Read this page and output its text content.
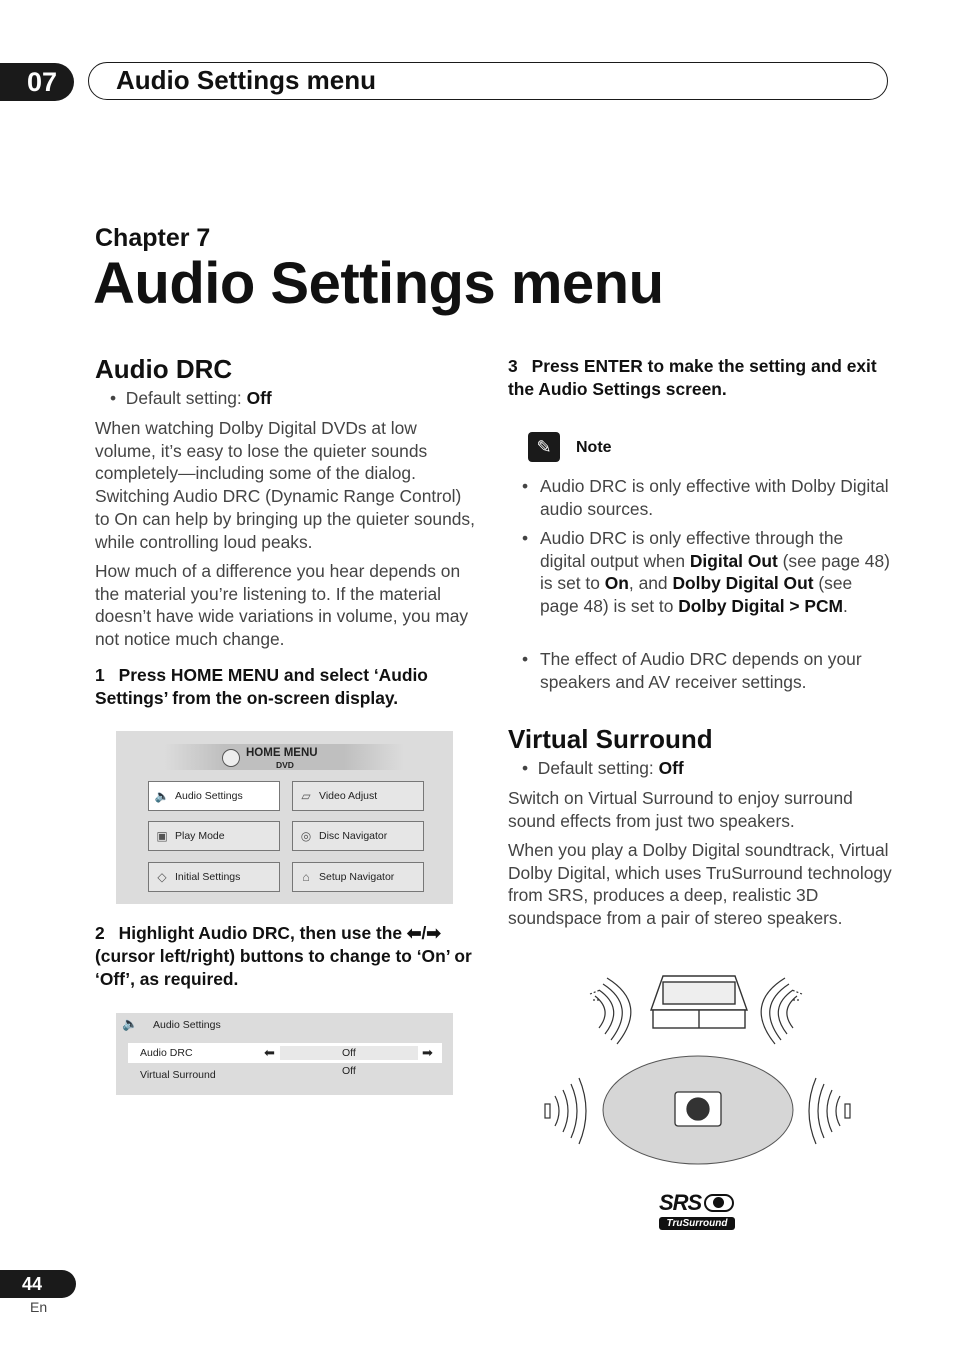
07	Audio Settings menu
Chapter 7
Audio Settings menu
Audio DRC
•  Default setting: Off
When watching Dolby Digital DVDs at low volume, it’s easy to lose the quieter sounds completely—including some of the dialog. Switching Audio DRC (Dynamic Range Control) to On can help by bringing up the quieter sounds, while controlling loud peaks.
How much of a difference you hear depends on the material you’re listening to. If the material doesn’t have wide variations in volume, you may not notice much change.
1 Press HOME MENU and select ‘Audio Settings’ from the on-screen display.
HOME MENU
DVD
🔈 Audio Settings	▱ Video Adjust
▣ Play Mode	◎ Disc Navigator
◇ Initial Settings	⌂ Setup Navigator
2 Highlight Audio DRC, then use the ⬅/➡ (cursor left/right) buttons to change to ‘On’ or ‘Off’, as required.
🔈 Audio Settings
Audio DRC	⬅	Off	➡
Virtual Surround	Off
3 Press ENTER to make the setting and exit the Audio Settings screen.
✎	Note
• Audio DRC is only effective with Dolby Digital audio sources.
• Audio DRC is only effective through the digital output when Digital Out (see page 48) is set to On, and Dolby Digital Out (see page 48) is set to Dolby Digital > PCM.
• The effect of Audio DRC depends on your speakers and AV receiver settings.
Virtual Surround
•  Default setting: Off
Switch on Virtual Surround to enjoy surround sound effects from just two speakers.
When you play a Dolby Digital soundtrack, Virtual Dolby Digital, which uses TruSurround technology from SRS, produces a deep, realistic 3D soundspace from a pair of stereo speakers.
SRS
TruSurround
44
En
